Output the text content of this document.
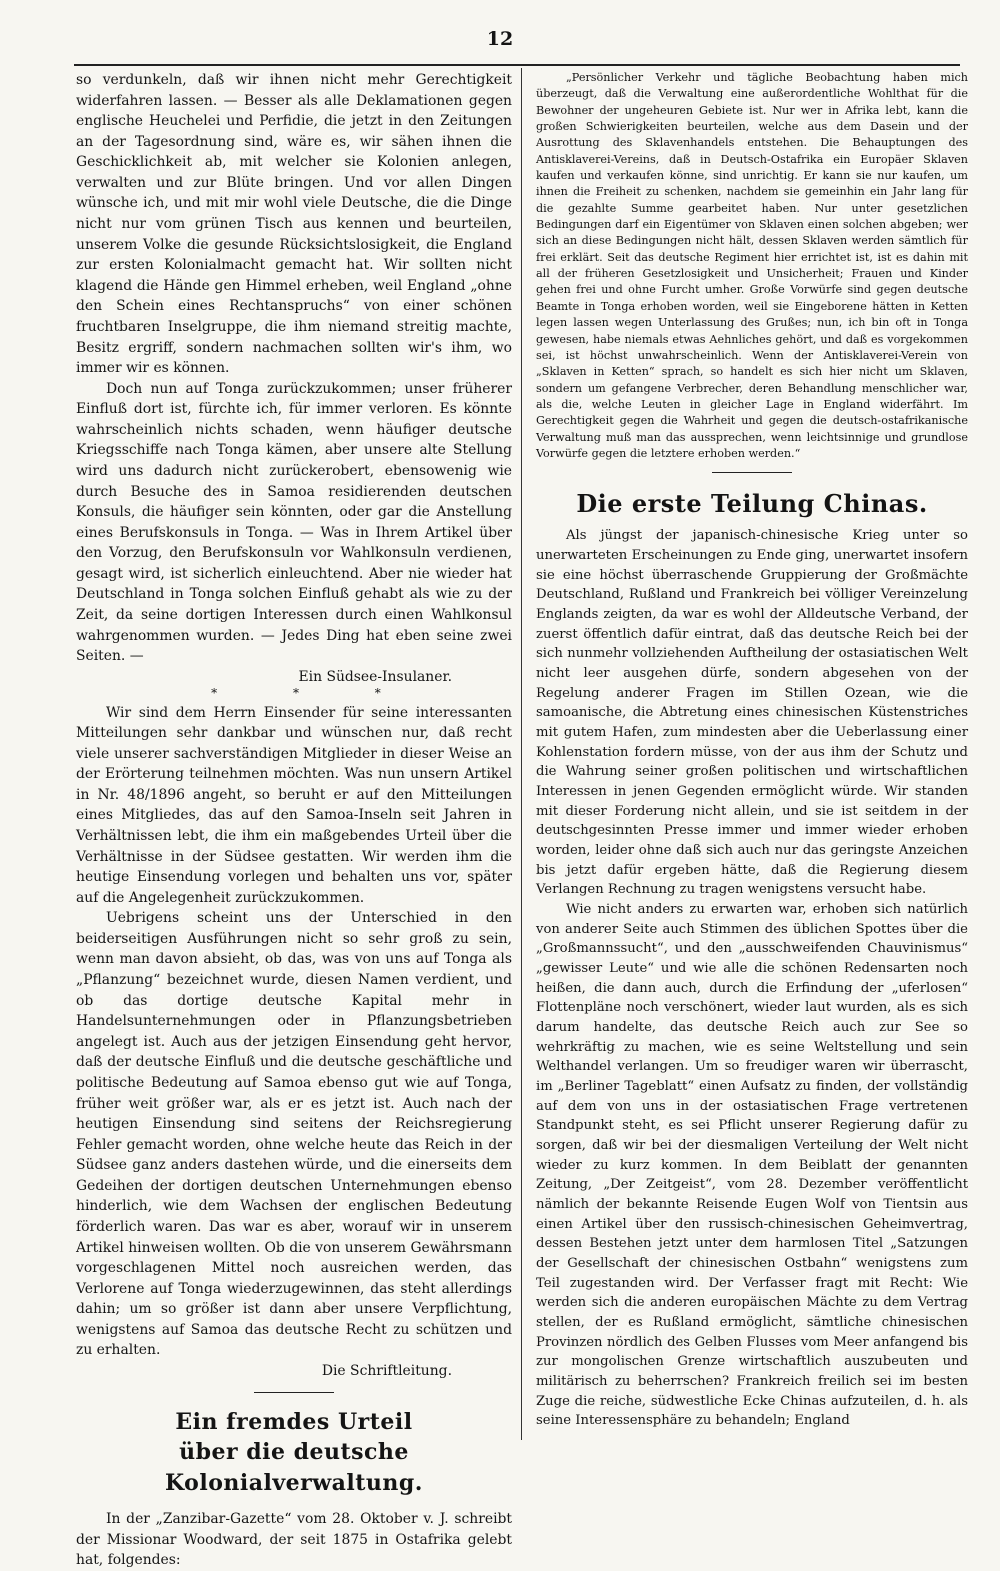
12

so verdunkeln, daß wir ihnen nicht mehr Gerechtigkeit widerfahren lassen. — Besser als alle Deklamationen gegen englische Heuchelei und Perfidie, die jetzt in den Zeitungen an der Tagesordnung sind, wäre es, wir sähen ihnen die Geschicklichkeit ab, mit welcher sie Kolonien anlegen, verwalten und zur Blüte bringen. Und vor allen Dingen wünsche ich, und mit mir wohl viele Deutsche, die die Dinge nicht nur vom grünen Tisch aus kennen und beurteilen, unserem Volke die gesunde Rücksichtslosigkeit, die England zur ersten Kolonialmacht gemacht hat. Wir sollten nicht klagend die Hände gen Himmel erheben, weil England „ohne den Schein eines Rechtanspruchs“ von einer schönen fruchtbaren Inselgruppe, die ihm niemand streitig machte, Besitz ergriff, sondern nachmachen sollten wir's ihm, wo immer wir es können.

Doch nun auf Tonga zurückzukommen; unser früherer Einfluß dort ist, fürchte ich, für immer verloren. Es könnte wahrscheinlich nichts schaden, wenn häufiger deutsche Kriegsschiffe nach Tonga kämen, aber unsere alte Stellung wird uns dadurch nicht zurückerobert, ebensowenig wie durch Besuche des in Samoa residierenden deutschen Konsuls, die häufiger sein könnten, oder gar die Anstellung eines Berufskonsuls in Tonga. — Was in Ihrem Artikel über den Vorzug, den Berufskonsuln vor Wahlkonsuln verdienen, gesagt wird, ist sicherlich einleuchtend. Aber nie wieder hat Deutschland in Tonga solchen Einfluß gehabt als wie zu der Zeit, da seine dortigen Interessen durch einen Wahlkonsul wahrgenommen wurden. — Jedes Ding hat eben seine zwei Seiten. —

Ein Südsee-Insulaner.

* * *

Wir sind dem Herrn Einsender für seine interessanten Mitteilungen sehr dankbar und wünschen nur, daß recht viele unserer sachverständigen Mitglieder in dieser Weise an der Erörterung teilnehmen möchten. Was nun unsern Artikel in Nr. 48/1896 angeht, so beruht er auf den Mitteilungen eines Mitgliedes, das auf den Samoa-Inseln seit Jahren in Verhältnissen lebt, die ihm ein maßgebendes Urteil über die Verhältnisse in der Südsee gestatten. Wir werden ihm die heutige Einsendung vorlegen und behalten uns vor, später auf die Angelegenheit zurückzukommen.

Uebrigens scheint uns der Unterschied in den beiderseitigen Ausführungen nicht so sehr groß zu sein, wenn man davon absieht, ob das, was von uns auf Tonga als „Pflanzung“ bezeichnet wurde, diesen Namen verdient, und ob das dortige deutsche Kapital mehr in Handelsunternehmungen oder in Pflanzungsbetrieben angelegt ist. Auch aus der jetzigen Einsendung geht hervor, daß der deutsche Einfluß und die deutsche geschäftliche und politische Bedeutung auf Samoa ebenso gut wie auf Tonga, früher weit größer war, als er es jetzt ist. Auch nach der heutigen Einsendung sind seitens der Reichsregierung Fehler gemacht worden, ohne welche heute das Reich in der Südsee ganz anders dastehen würde, und die einerseits dem Gedeihen der dortigen deutschen Unternehmungen ebenso hinderlich, wie dem Wachsen der englischen Bedeutung förderlich waren. Das war es aber, worauf wir in unserem Artikel hinweisen wollten. Ob die von unserem Gewährsmann vorgeschlagenen Mittel noch ausreichen werden, das Verlorene auf Tonga wiederzugewinnen, das steht allerdings dahin; um so größer ist dann aber unsere Verpflichtung, wenigstens auf Samoa das deutsche Recht zu schützen und zu erhalten.

Die Schriftleitung.

Ein fremdes Urteil
über die deutsche Kolonialverwaltung.

In der „Zanzibar-Gazette“ vom 28. Oktober v. J. schreibt der Missionar Woodward, der seit 1875 in Ostafrika gelebt hat, folgendes:

„Persönlicher Verkehr und tägliche Beobachtung haben mich überzeugt, daß die Verwaltung eine außerordentliche Wohlthat für die Bewohner der ungeheuren Gebiete ist. Nur wer in Afrika lebt, kann die großen Schwierigkeiten beurteilen, welche aus dem Dasein und der Ausrottung des Sklavenhandels entstehen. Die Behauptungen des Antisklaverei-Vereins, daß in Deutsch-Ostafrika ein Europäer Sklaven kaufen und verkaufen könne, sind unrichtig. Er kann sie nur kaufen, um ihnen die Freiheit zu schenken, nachdem sie gemeinhin ein Jahr lang für die gezahlte Summe gearbeitet haben. Nur unter gesetzlichen Bedingungen darf ein Eigentümer von Sklaven einen solchen abgeben; wer sich an diese Bedingungen nicht hält, dessen Sklaven werden sämtlich für frei erklärt. Seit das deutsche Regiment hier errichtet ist, ist es dahin mit all der früheren Gesetzlosigkeit und Unsicherheit; Frauen und Kinder gehen frei und ohne Furcht umher. Große Vorwürfe sind gegen deutsche Beamte in Tonga erhoben worden, weil sie Eingeborene hätten in Ketten legen lassen wegen Unterlassung des Grußes; nun, ich bin oft in Tonga gewesen, habe niemals etwas Aehnliches gehört, und daß es vorgekommen sei, ist höchst unwahrscheinlich. Wenn der Antisklaverei-Verein von „Sklaven in Ketten“ sprach, so handelt es sich hier nicht um Sklaven, sondern um gefangene Verbrecher, deren Behandlung menschlicher war, als die, welche Leuten in gleicher Lage in England widerfährt. Im Gerechtigkeit gegen die Wahrheit und gegen die deutsch-ostafrikanische Verwaltung muß man das aussprechen, wenn leichtsinnige und grundlose Vorwürfe gegen die letztere erhoben werden.“

Die erste Teilung Chinas.

Als jüngst der japanisch-chinesische Krieg unter so unerwarteten Erscheinungen zu Ende ging, unerwartet insofern sie eine höchst überraschende Gruppierung der Großmächte Deutschland, Rußland und Frankreich bei völliger Vereinzelung Englands zeigten, da war es wohl der Alldeutsche Verband, der zuerst öffentlich dafür eintrat, daß das deutsche Reich bei der sich nunmehr vollziehenden Auftheilung der ostasiatischen Welt nicht leer ausgehen dürfe, sondern abgesehen von der Regelung anderer Fragen im Stillen Ozean, wie die samoanische, die Abtretung eines chinesischen Küstenstriches mit gutem Hafen, zum mindesten aber die Ueberlassung einer Kohlenstation fordern müsse, von der aus ihm der Schutz und die Wahrung seiner großen politischen und wirtschaftlichen Interessen in jenen Gegenden ermöglicht würde. Wir standen mit dieser Forderung nicht allein, und sie ist seitdem in der deutschgesinnten Presse immer und immer wieder erhoben worden, leider ohne daß sich auch nur das geringste Anzeichen bis jetzt dafür ergeben hätte, daß die Regierung diesem Verlangen Rechnung zu tragen wenigstens versucht habe.

Wie nicht anders zu erwarten war, erhoben sich natürlich von anderer Seite auch Stimmen des üblichen Spottes über die „Großmannssucht“, und den „ausschweifenden Chauvinismus“ „gewisser Leute“ und wie alle die schönen Redensarten noch heißen, die dann auch, durch die Erfindung der „uferlosen“ Flottenpläne noch verschönert, wieder laut wurden, als es sich darum handelte, das deutsche Reich auch zur See so wehrkräftig zu machen, wie es seine Weltstellung und sein Welthandel verlangen. Um so freudiger waren wir überrascht, im „Berliner Tageblatt“ einen Aufsatz zu finden, der vollständig auf dem von uns in der ostasiatischen Frage vertretenen Standpunkt steht, es sei Pflicht unserer Regierung dafür zu sorgen, daß wir bei der diesmaligen Verteilung der Welt nicht wieder zu kurz kommen. In dem Beiblatt der genannten Zeitung, „Der Zeitgeist“, vom 28. Dezember veröffentlicht nämlich der bekannte Reisende Eugen Wolf von Tientsin aus einen Artikel über den russisch-chinesischen Geheimvertrag, dessen Bestehen jetzt unter dem harmlosen Titel „Satzungen der Gesellschaft der chinesischen Ostbahn“ wenigstens zum Teil zugestanden wird. Der Verfasser fragt mit Recht: Wie werden sich die anderen europäischen Mächte zu dem Vertrag stellen, der es Rußland ermöglicht, sämtliche chinesischen Provinzen nördlich des Gelben Flusses vom Meer anfangend bis zur mongolischen Grenze wirtschaftlich auszubeuten und militärisch zu beherrschen? Frankreich freilich sei im besten Zuge die reiche, südwestliche Ecke Chinas aufzuteilen, d. h. als seine Interessensphäre zu behandeln; England
